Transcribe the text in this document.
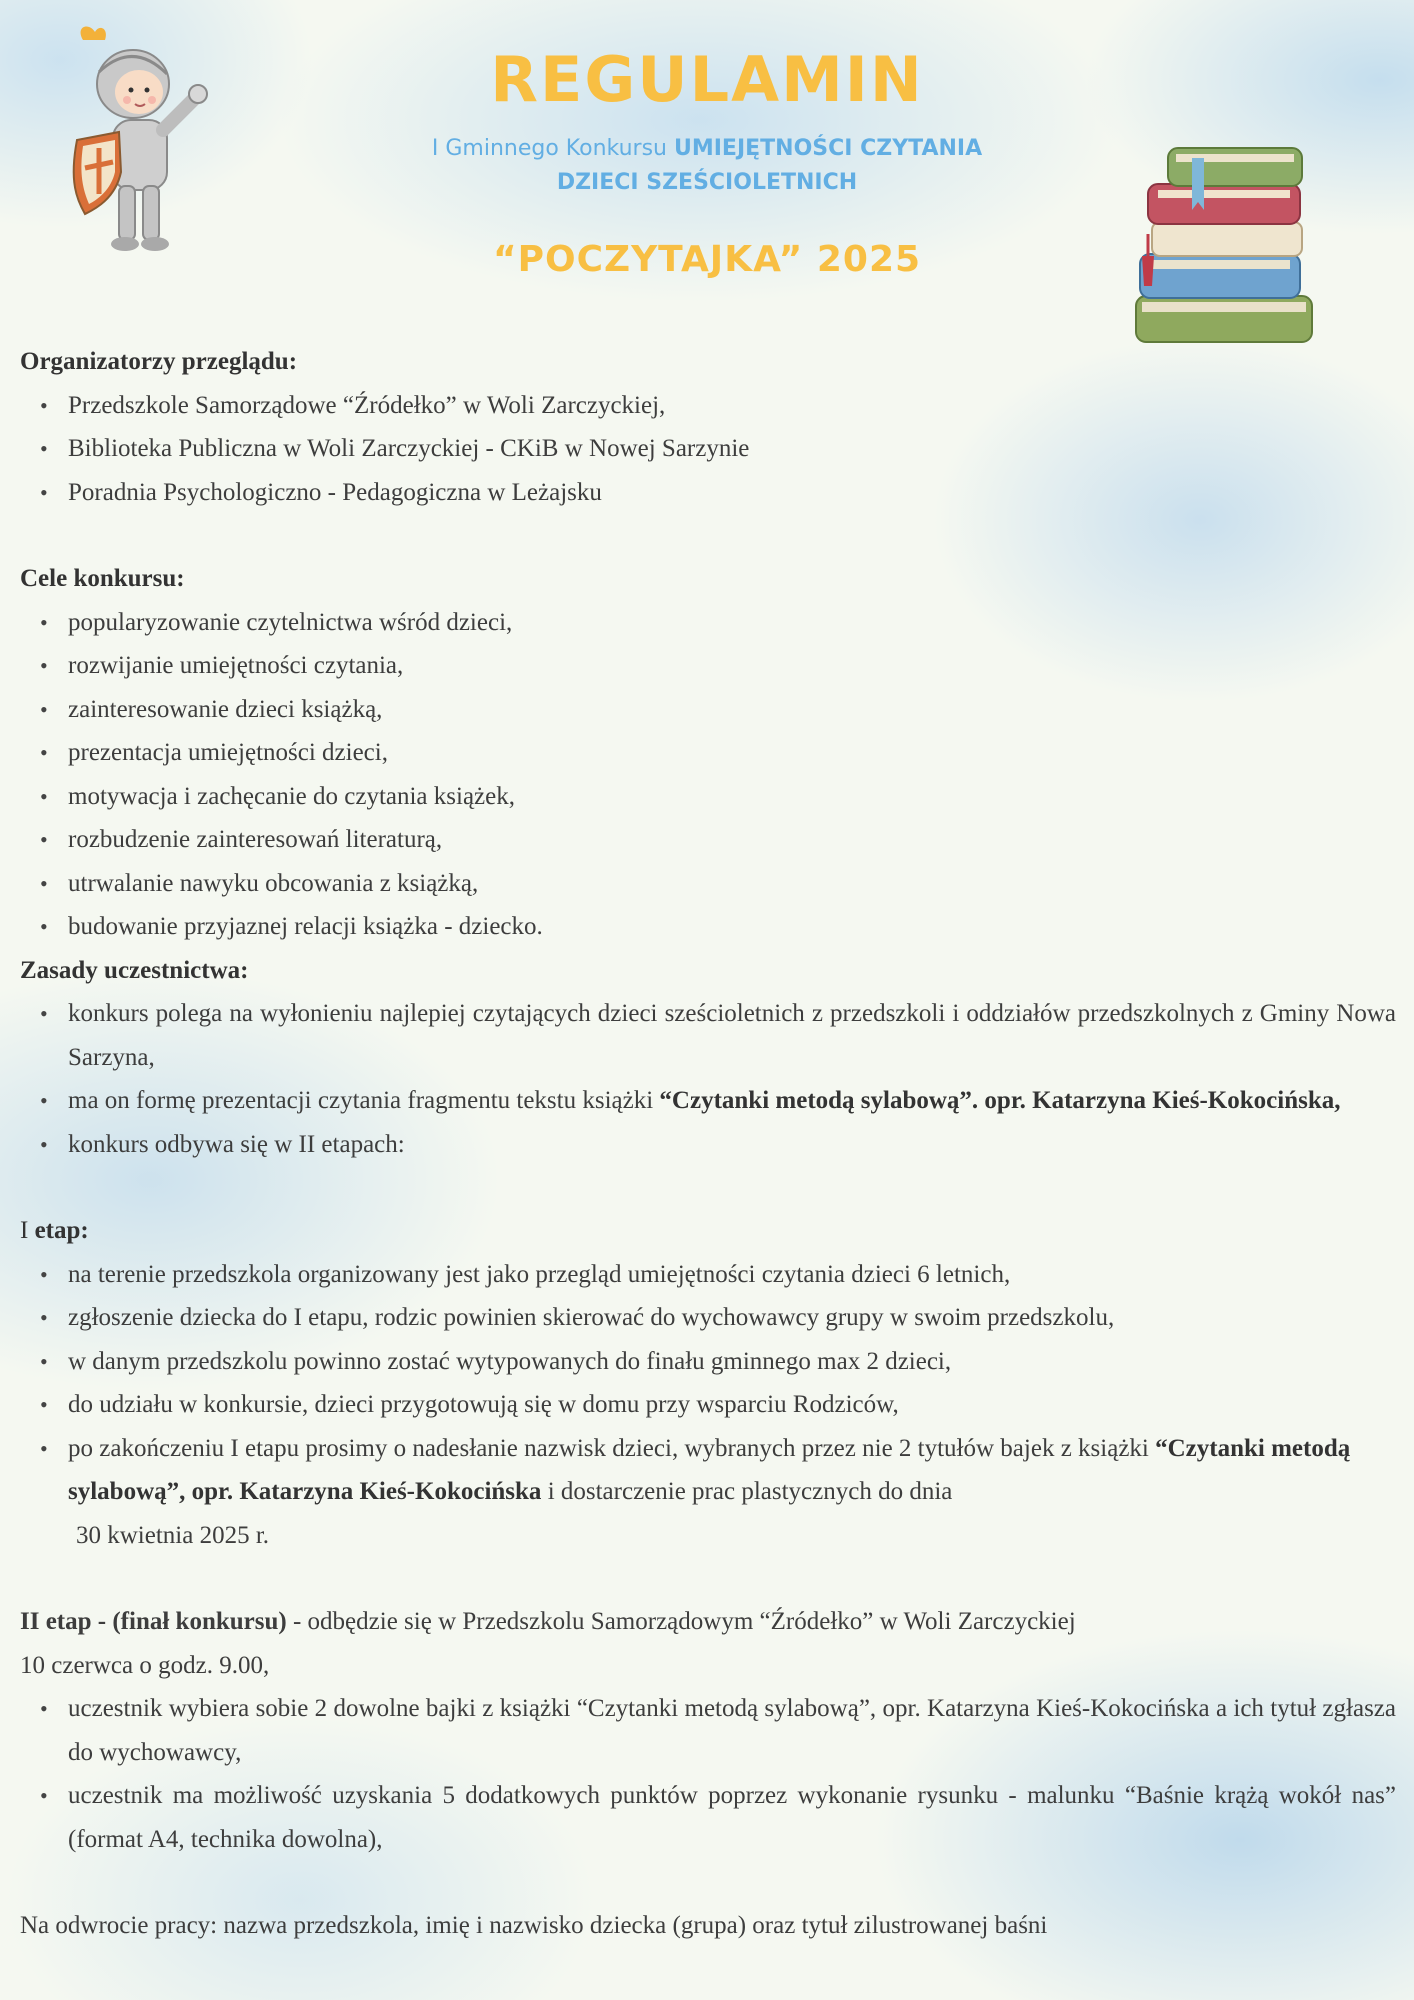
REGULAMIN
I Gminnego Konkursu UMIEJĘTNOŚCI CZYTANIA
DZIECI SZEŚCIOLETNICH
“POCZYTAJKA” 2025

Organizatorzy przeglądu:

• Przedszkole Samorządowe “Źródełko” w Woli Zarczyckiej,
• Biblioteka Publiczna w Woli Zarczyckiej - CKiB w Nowej Sarzynie
• Poradnia Psychologiczno - Pedagogiczna w Leżajsku

Cele konkursu:

• popularyzowanie czytelnictwa wśród dzieci,
• rozwijanie umiejętności czytania,
• zainteresowanie dzieci książką,
• prezentacja umiejętności dzieci,
• motywacja i zachęcanie do czytania książek,
• rozbudzenie zainteresowań literaturą,
• utrwalanie nawyku obcowania z książką,
• budowanie przyjaznej relacji książka - dziecko.

Zasady uczestnictwa:

• konkurs polega na wyłonieniu najlepiej czytających dzieci sześcioletnich z przedszkoli i oddziałów przedszkolnych z Gminy Nowa Sarzyna,
• ma on formę prezentacji czytania fragmentu tekstu książki “Czytanki metodą sylabową”. opr. Katarzyna Kieś-Kokocińska,
• konkurs odbywa się w II etapach:

I etap:

• na terenie przedszkola organizowany jest jako przegląd umiejętności czytania dzieci 6 letnich,
• zgłoszenie dziecka do I etapu, rodzic powinien skierować do wychowawcy grupy w swoim przedszkolu,
• w danym przedszkolu powinno zostać wytypowanych do finału gminnego max 2 dzieci,
• do udziału w konkursie, dzieci przygotowują się w domu przy wsparciu Rodziców,
• po zakończeniu I etapu prosimy o nadesłanie nazwisk dzieci, wybranych przez nie 2 tytułów bajek z książki “Czytanki metodą sylabową”, opr. Katarzyna Kieś-Kokocińska i dostarczenie prac plastycznych do dnia

30 kwietnia 2025 r.

II etap - (finał konkursu) - odbędzie się w Przedszkolu Samorządowym “Źródełko” w Woli Zarczyckiej

10 czerwca o godz. 9.00,

• uczestnik wybiera sobie 2 dowolne bajki z książki “Czytanki metodą sylabową”, opr. Katarzyna Kieś-Kokocińska a ich tytuł zgłasza do wychowawcy,
• uczestnik ma możliwość uzyskania 5 dodatkowych punktów poprzez wykonanie rysunku - malunku “Baśnie krążą wokół nas” (format A4, technika dowolna),

Na odwrocie pracy: nazwa przedszkola, imię i nazwisko dziecka (grupa) oraz tytuł zilustrowanej baśni
